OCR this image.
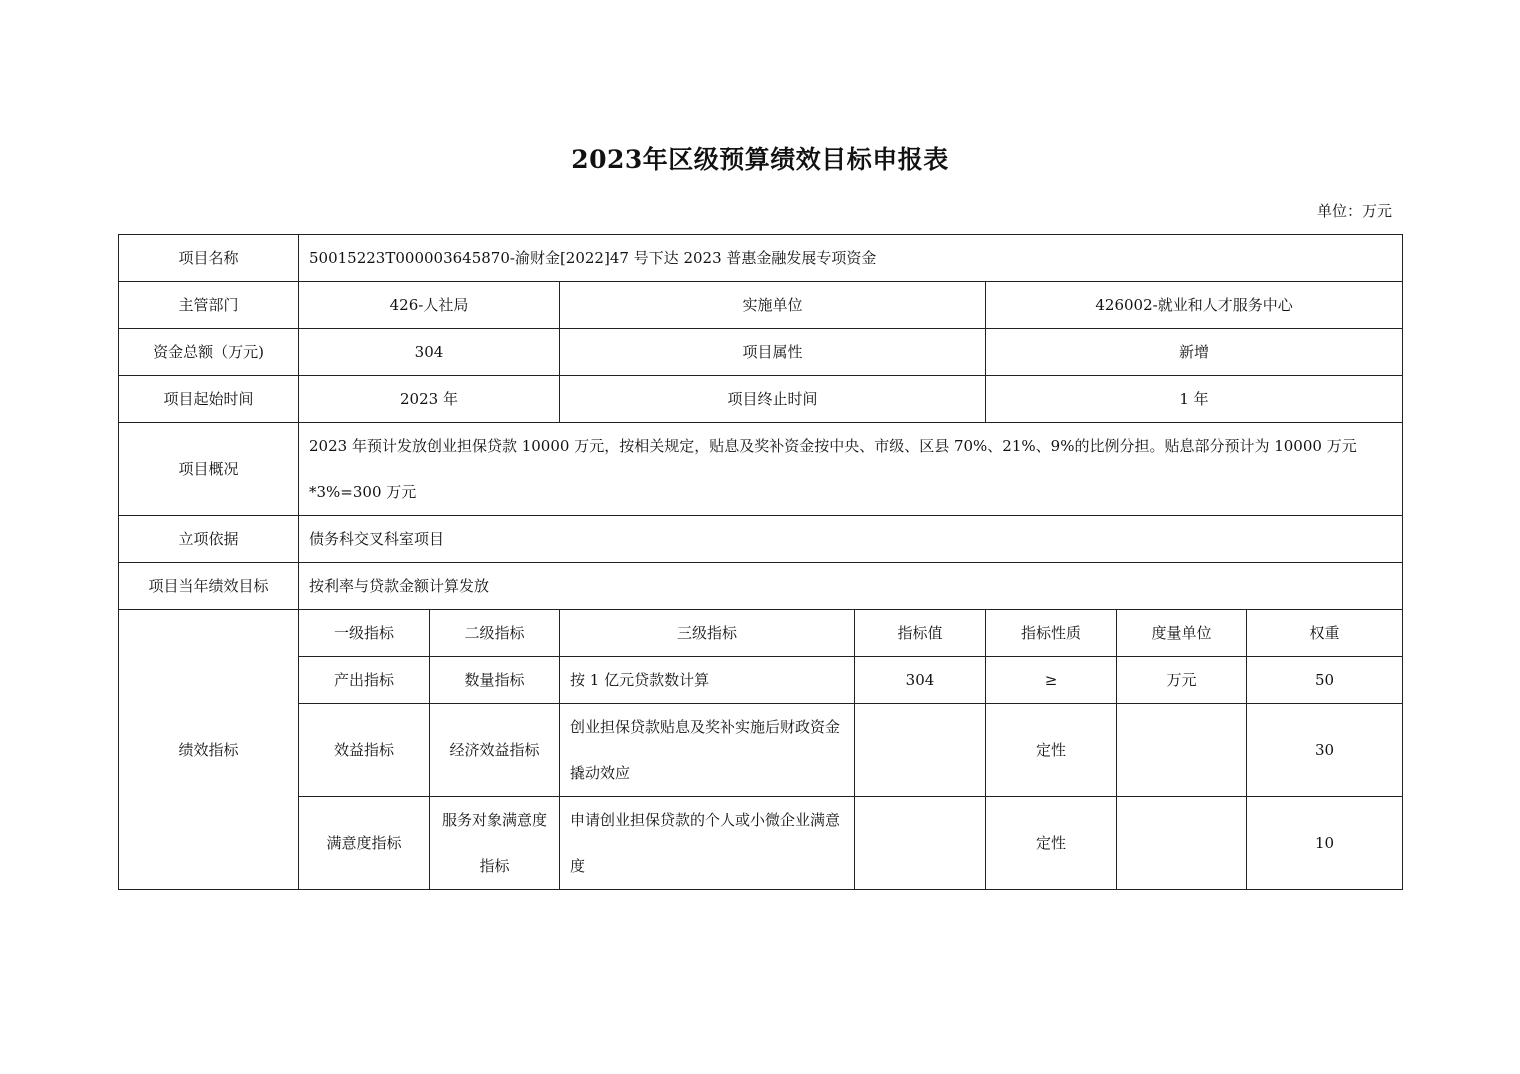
2023年区级预算绩效目标申报表
单位：万元
项目名称	50015223T000003645870-渝财金[2022]47 号下达 2023 普惠金融发展专项资金						
主管部门	426-人社局		实施单位		426002-就业和人才服务中心		
资金总额（万元)	304		项目属性		新增		
项目起始时间	2023 年		项目终止时间		1 年		
项目概况	2023 年预计发放创业担保贷款 10000 万元，按相关规定，贴息及奖补资金按中央、市级、区县 70%、21%、9%的比例分担。贴息部分预计为 10000 万元*3%=300 万元						
立项依据	债务科交叉科室项目						
项目当年绩效目标	按利率与贷款金额计算发放						
绩效指标	一级指标	二级指标	三级指标	指标值	指标性质	度量单位	权重
	产出指标	数量指标	按 1 亿元贷款数计算	304	≥	万元	50
	效益指标	经济效益指标	创业担保贷款贴息及奖补实施后财政资金撬动效应		定性		30
	满意度指标	服务对象满意度指标	申请创业担保贷款的个人或小微企业满意度		定性		10
